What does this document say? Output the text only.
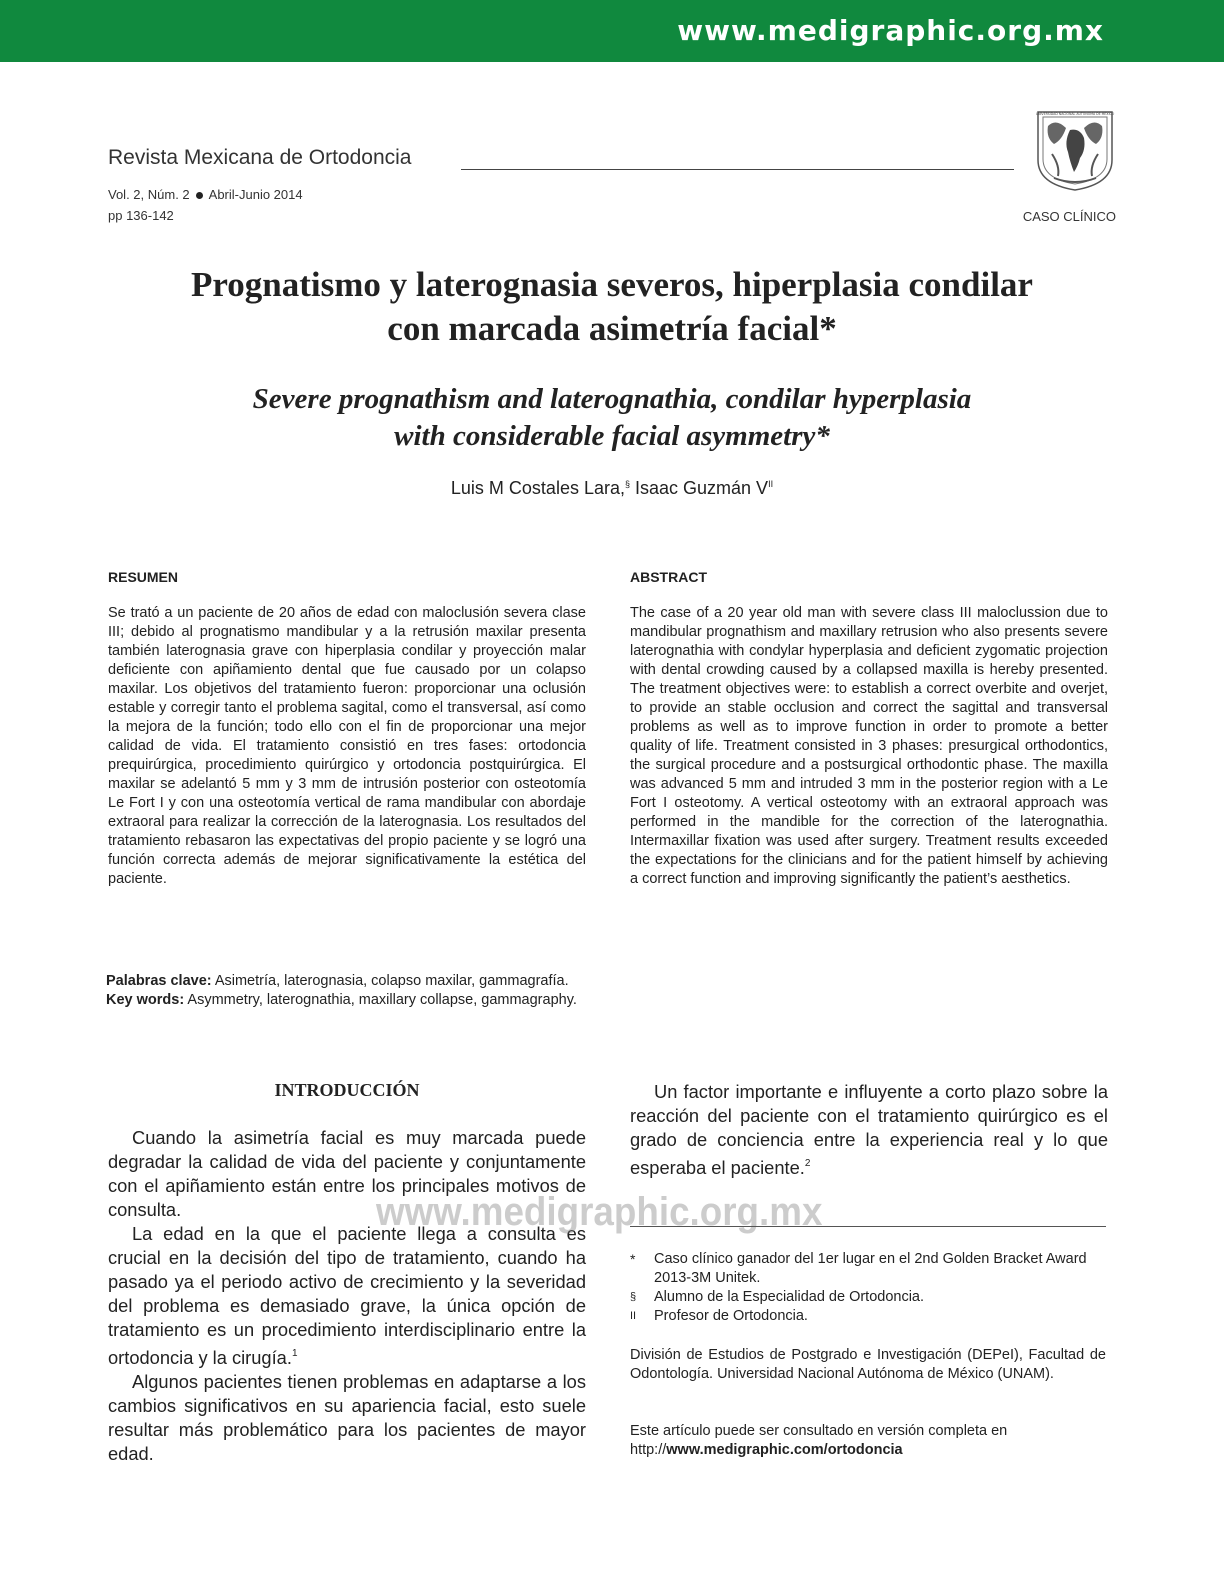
www.medigraphic.org.mx
Revista Mexicana de Ortodoncia
UNIVERSIDAD NACIONAL AUTÓNOMA DE MÉXICO
Vol. 2, Núm. 2 Abril-Junio 2014
pp 136-142	CASO CLÍNICO
Prognatismo y laterognasia severos, hiperplasia condilar
con marcada asimetría facial*
Severe prognathism and laterognathia, condilar hyperplasia
with considerable facial asymmetry*
Luis M Costales Lara,§ Isaac Guzmán $V^{II}$
RESUMEN	ABSTRACT
Se trató a un paciente de 20 años de edad con maloclusión severa clase III; debido al prognatismo mandibular y a la retrusión maxilar presenta también laterognasia grave con hiperplasia condilar y proyección malar deficiente con apiñamiento dental que fue causado por un colapso maxilar. Los objetivos del tratamiento fueron: proporcionar una oclusión estable y corregir tanto el problema sagital, como el transversal, así como la mejora de la función; todo ello con el fin de proporcionar una mejor calidad de vida. El tratamiento consistió en tres fases: ortodoncia prequirúrgica, procedimiento quirúrgico y ortodoncia postquirúrgica. El maxilar se adelantó 5 mm y 3 mm de intrusión posterior con osteotomía Le Fort I y con una osteotomía vertical de rama mandibular con abordaje extraoral para realizar la corrección de la laterognasia. Los resultados del tratamiento rebasaron las expectativas del propio paciente y se logró una función correcta además de mejorar significativamente la estética del paciente.
The case of a 20 year old man with severe class III maloclussion due to mandibular prognathism and maxillary retrusion who also presents severe laterognathia with condylar hyperplasia and deficient zygomatic projection with dental crowding caused by a collapsed maxilla is hereby presented. The treatment objectives were: to establish a correct overbite and overjet, to provide an stable occlusion and correct the sagittal and transversal problems as well as to improve function in order to promote a better quality of life. Treatment consisted in 3 phases: presurgical orthodontics, the surgical procedure and a postsurgical orthodontic phase. The maxilla was advanced 5 mm and intruded 3 mm in the posterior region with a Le Fort I osteotomy. A vertical osteotomy with an extraoral approach was performed in the mandible for the correction of the laterognathia. Intermaxillar fixation was used after surgery. Treatment results exceeded the expectations for the clinicians and for the patient himself by achieving a correct function and improving significantly the patient’s aesthetics.
Palabras clave: Asimetría, laterognasia, colapso maxilar, gammagrafía.
Key words: Asymmetry, laterognathia, maxillary collapse, gammagraphy.
INTRODUCCIÓN

Cuando la asimetría facial es muy marcada puede degradar la calidad de vida del paciente y conjuntamente con el apiñamiento están entre los principales motivos de consulta.

La edad en la que el paciente llega a consulta es crucial en la decisión del tipo de tratamiento, cuando ha pasado ya el periodo activo de crecimiento y la severidad del problema es demasiado grave, la única opción de tratamiento es un procedimiento interdisciplinario entre la ortodoncia y la cirugía.$^1$

Algunos pacientes tienen problemas en adaptarse a los cambios significativos en su apariencia facial, esto suele resultar más problemático para los pacientes de mayor edad.

Un factor importante e influyente a corto plazo sobre la reacción del paciente con el tratamiento quirúrgico es el grado de conciencia entre la experiencia real y lo que esperaba el paciente.$^2$

www.medigraphic.org.mx
*	Caso clínico ganador del 1er lugar en el 2nd Golden Bracket Award 2013-3M Unitek.
§	Alumno de la Especialidad de Ortodoncia.
II	Profesor de Ortodoncia.
División de Estudios de Postgrado e Investigación (DEPeI), Facultad de Odontología. Universidad Nacional Autónoma de México (UNAM).
Este artículo puede ser consultado en versión completa en
http://www.medigraphic.com/ortodoncia
